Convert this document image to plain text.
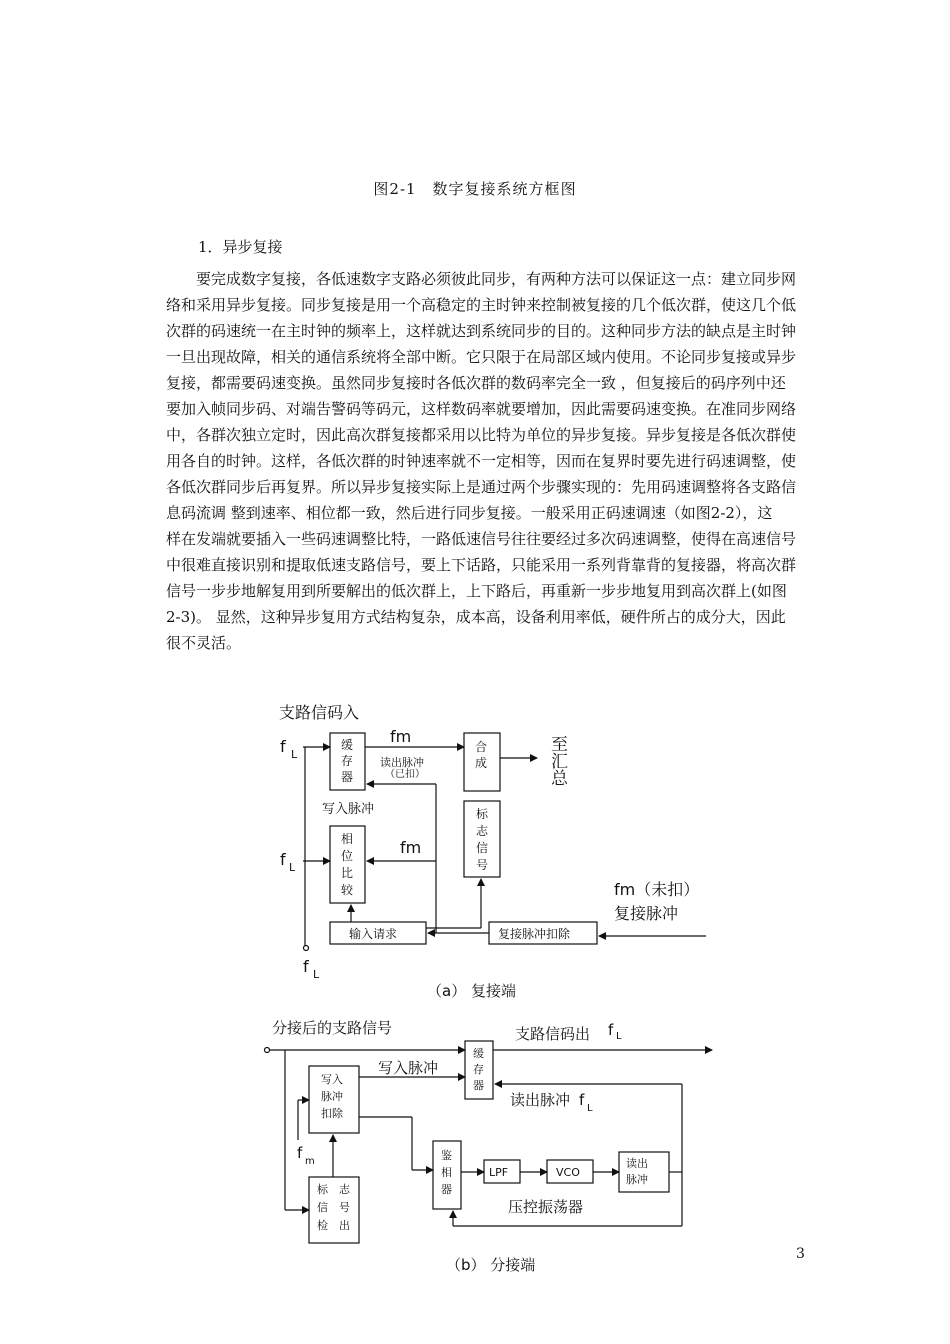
图2-1　数字复接系统方框图
1．异步复接
　　要完成数字复接，各低速数字支路必须彼此同步，有两种方法可以保证这一点：建立同步网
络和采用异步复接。同步复接是用一个高稳定的主时钟来控制被复接的几个低次群，使这几个低
次群的码速统一在主时钟的频率上，这样就达到系统同步的目的。这种同步方法的缺点是主时钟
一旦出现故障，相关的通信系统将全部中断。它只限于在局部区域内使用。不论同步复接或异步
复接，都需要码速变换。虽然同步复接时各低次群的数码率完全一致 ，但复接后的码序列中还
要加入帧同步码、对端告警码等码元，这样数码率就要增加，因此需要码速变换。在准同步网络
中，各群次独立定时，因此高次群复接都采用以比特为单位的异步复接。异步复接是各低次群使
用各自的时钟。这样，各低次群的时钟速率就不一定相等，因而在复界时要先进行码速调整，使
各低次群同步后再复界。所以异步复接实际上是通过两个步骤实现的：先用码速调整将各支路信
息码流调 整到速率、相位都一致，然后进行同步复接。一般采用正码速调速（如图2-2），这
样在发端就要插入一些码速调整比特，一路低速信号往往要经过多次码速调整，使得在高速信号
中很难直接识别和提取低速支路信号，要上下话路，只能采用一系列背靠背的复接器，将高次群
信号一步步地解复用到所要解出的低次群上，上下路后，再重新一步步地复用到高次群上(如图
2-3)。 显然，这种异步复用方式结构复杂，成本高，设备利用率低，硬件所占的成分大，因此
很不灵活。
支路信码入
f L
f L
f L
fm
fm
fm（未扣）
复接脉冲
缓
存
器
合
成
标
志
信
号
相
位
比
较
读出脉冲
（已扣）
写入脉冲
输入请求	复接脉冲扣除
至
汇
总
（a） 复接端
分接后的支路信号	支路信码出 f L
写入脉冲
读出脉冲 f L
f m
压控振荡器
缓
存
器
写入
脉冲
扣除
鉴
相
器
LPF	VCO
读出
脉冲
标　志
信　号
检　出
（b） 分接端
3
